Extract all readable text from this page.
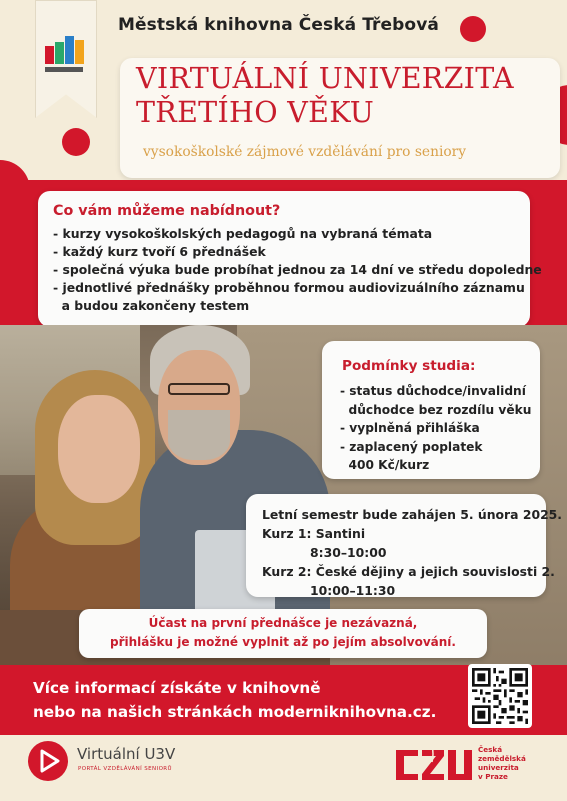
Městská knihovna Česká Třebová
VIRTUÁLNÍ UNIVERZITA
TŘETÍHO VĚKU
vysokoškolské zájmové vzdělávání pro seniory
Co vám můžeme nabídnout?
- kurzy vysokoškolských pedagogů na vybraná témata
- každý kurz tvoří 6 přednášek
- společná výuka bude probíhat jednou za 14 dní ve středu dopoledne
- jednotlivé přednášky proběhnou formou audiovizuálního záznamu
a budou zakončeny testem
Podmínky studia:
- status důchodce/invalidní
důchodce bez rozdílu věku
- vyplněná přihláška
- zaplacený poplatek
400 Kč/kurz
Letní semestr bude zahájen 5. února 2025.
Kurz 1: Santini
8:30–10:00
Kurz 2: České dějiny a jejich souvislosti 2.
10:00–11:30
Účast na první přednášce je nezávazná,
přihlášku je možné vyplnit až po jejím absolvování.
Více informací získáte v knihovně
nebo na našich stránkách moderniknihovna.cz.
Virtuální U3V
PORTÁL VZDĚLÁVÁNÍ SENIORŮ
Česká
zemědělská
univerzita
v Praze
